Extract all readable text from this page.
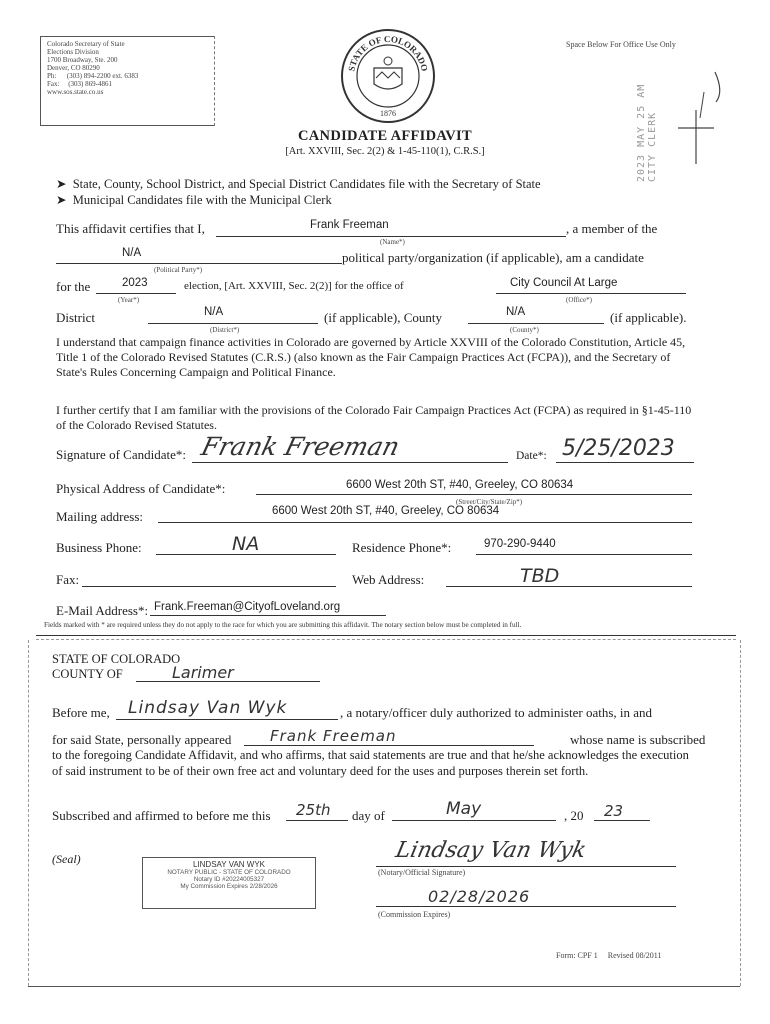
Colorado Secretary of State
Elections Division
1700 Broadway, Ste. 200
Denver, CO 80290
Ph: (303) 894-2200 ext. 6383
Fax: (303) 869-4861
www.sos.state.co.us
STATE OF COLORADO
1876
Space Below For Office Use Only
2023 MAY 25 AM CITY CLERK
CANDIDATE AFFIDAVIT
[Art. XXVIII, Sec. 2(2) & 1-45-110(1), C.R.S.]
➤ State, County, School District, and Special District Candidates file with the Secretary of State
➤ Municipal Candidates file with the Municipal Clerk
This affidavit certifies that I,	Frank Freeman	, a member of the
(Name*)
N/A	political party/organization (if applicable), am a candidate
(Political Party*)
for the	2023	election, [Art. XXVIII, Sec. 2(2)] for the office of	City Council At Large
(Year*)	(Office*)
District	N/A	(if applicable), County	N/A	(if applicable).
(District*)	(County*)
I understand that campaign finance activities in Colorado are governed by Article XXVIII of the Colorado Constitution, Article 45, Title 1 of the Colorado Revised Statutes (C.R.S.) (also known as the Fair Campaign Practices Act (FCPA)), and the Secretary of State's Rules Concerning Campaign and Political Finance.
I further certify that I am familiar with the provisions of the Colorado Fair Campaign Practices Act (FCPA) as required in §1-45-110 of the Colorado Revised Statutes.
Signature of Candidate*: Frank Freeman	Date*: 5/25/2023
Physical Address of Candidate*:	6600 West 20th ST, #40, Greeley, CO 80634
(Street/City/State/Zip*)
Mailing address:	6600 West 20th ST, #40, Greeley, CO 80634
Business Phone:	NA	Residence Phone*:	970-290-9440
Fax:	Web Address:	TBD
E-Mail Address*: Frank.Freeman@CityofLoveland.org
Fields marked with * are required unless they do not apply to the race for which you are submitting this affidavit. The notary section below must be completed in full.
STATE OF COLORADO
COUNTY OF	Larimer
Before me, Lindsay Van Wyk	, a notary/officer duly authorized to administer oaths, in and
for said State, personally appeared	Frank Freeman	whose name is subscribed
to the foregoing Candidate Affidavit, and who affirms, that said statements are true and that he/she acknowledges the execution of said instrument to be of their own free act and voluntary deed for the uses and purposes therein set forth.
Subscribed and affirmed to before me this 25th day of	May	, 20 23
(Seal)	LINDSAY VAN WYK
NOTARY PUBLIC - STATE OF COLORADO
Notary ID #20224005327
My Commission Expires 2/28/2026
Lindsay Van Wyk
(Notary/Official Signature)
02/28/2026
(Commission Expires)
Form: CPF 1     Revised 08/2011
